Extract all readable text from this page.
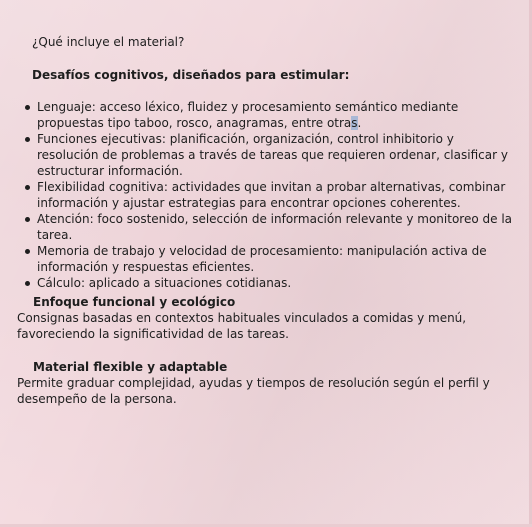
¿Qué incluye el material?

Desafíos cognitivos, diseñados para estimular:

Lenguaje: acceso léxico, fluidez y procesamiento semántico mediante propuestas tipo taboo, rosco, anagramas, entre otras.
Funciones ejecutivas: planificación, organización, control inhibitorio y resolución de problemas a través de tareas que requieren ordenar, clasificar y estructurar información.
Flexibilidad cognitiva: actividades que invitan a probar alternativas, combinar información y ajustar estrategias para encontrar opciones coherentes.
Atención: foco sostenido, selección de información relevante y monitoreo de la tarea.
Memoria de trabajo y velocidad de procesamiento: manipulación activa de información y respuestas eficientes.
Cálculo: aplicado a situaciones cotidianas.

Enfoque funcional y ecológico

Consignas basadas en contextos habituales vinculados a comidas y menú, favoreciendo la significatividad de las tareas.

Material flexible y adaptable

Permite graduar complejidad, ayudas y tiempos de resolución según el perfil y desempeño de la persona.
